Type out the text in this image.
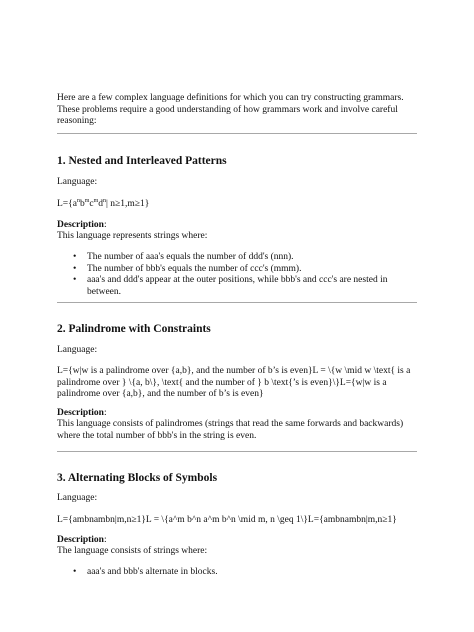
Here are a few complex language definitions for which you can try constructing grammars. These problems require a good understanding of how grammars work and involve careful reasoning:

1. Nested and Interleaved Patterns

Language:

$L=\{a^nb^mc^md^n|$ n≥1,m≥1}

Description:

This language represents strings where:

• The number of aaa's equals the number of ddd's (nnn).
• The number of bbb's equals the number of ccc's (mmm).
• aaa's and ddd's appear at the outer positions, while bbb's and ccc's are nested in between.
2. Palindrome with Constraints

Language:

L={w|w is a palindrome over {a,b}, and the number of b’s is even}L = \{w \mid w \text{ is a palindrome over } \{a, b\}, \text{ and the number of } b \text{’s is even}\}L={w|w is a palindrome over {a,b}, and the number of b’s is even}

Description:

This language consists of palindromes (strings that read the same forwards and backwards) where the total number of bbb's in the string is even.

3. Alternating Blocks of Symbols

Language:

L={ambnambn|m,n≥1}L = \{a^m b^n a^m b^n \mid m, n \geq 1\}L={ambnambn|m,n≥1}

Description:

The language consists of strings where:

• aaa's and bbb's alternate in blocks.
